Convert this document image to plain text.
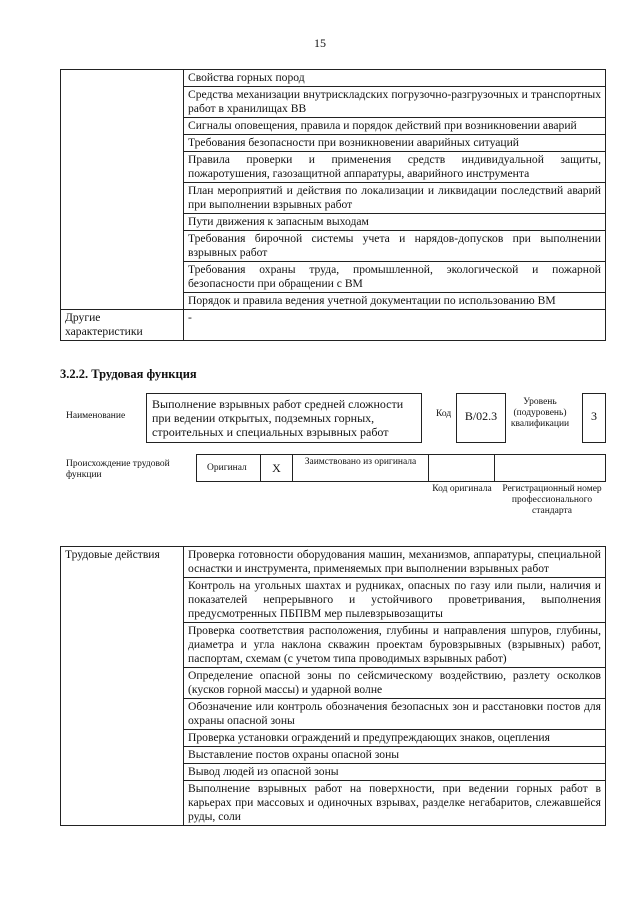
15
	Свойства горных пород
	Средства механизации внутрискладских погрузочно-разгрузочных и транспортных работ в хранилищах ВВ
	Сигналы оповещения, правила и порядок действий при возникновении аварий
	Требования безопасности при возникновении аварийных ситуаций
	Правила проверки и применения средств индивидуальной защиты, пожаротушения, газозащитной аппаратуры, аварийного инструмента
	План мероприятий и действия по локализации и ликвидации последствий аварий при выполнении взрывных работ
	Пути движения к запасным выходам
	Требования бирочной системы учета и нарядов-допусков при выполнении взрывных работ
	Требования охраны труда, промышленной, экологической и пожарной безопасности при обращении с ВМ
	Порядок и правила ведения учетной документации по использованию ВМ
Другие характеристики	-
3.2.2. Трудовая функция
Наименование
Выполнение взрывных работ средней сложности при ведении открытых, подземных горных, строительных и специальных взрывных работ
Код	B/02.3
Уровень (подуровень) квалификации
3
Происхождение трудовой функции
Оригинал	X	Заимствовано из оригинала
Код оригинала	Регистрационный номер профессионального стандарта
Трудовые действия	Проверка готовности оборудования машин, механизмов, аппаратуры, специальной оснастки и инструмента, применяемых при выполнении взрывных работ
Контроль на угольных шахтах и рудниках, опасных по газу или пыли, наличия и показателей непрерывного и устойчивого проветривания, выполнения предусмотренных ПБПВМ мер пылевзрывозащиты
Проверка соответствия расположения, глубины и направления шпуров, глубины, диаметра и угла наклона скважин проектам буровзрывных (взрывных) работ, паспортам, схемам (с учетом типа проводимых взрывных работ)
Определение опасной зоны по сейсмическому воздействию, разлету осколков (кусков горной массы) и ударной волне
Обозначение или контроль обозначения безопасных зон и расстановки постов для охраны опасной зоны
Проверка установки ограждений и предупреждающих знаков, оцепления
Выставление постов охраны опасной зоны
Вывод людей из опасной зоны
Выполнение взрывных работ на поверхности, при ведении горных работ в карьерах при массовых и одиночных взрывах, разделке негабаритов, слежавшейся руды, соли
